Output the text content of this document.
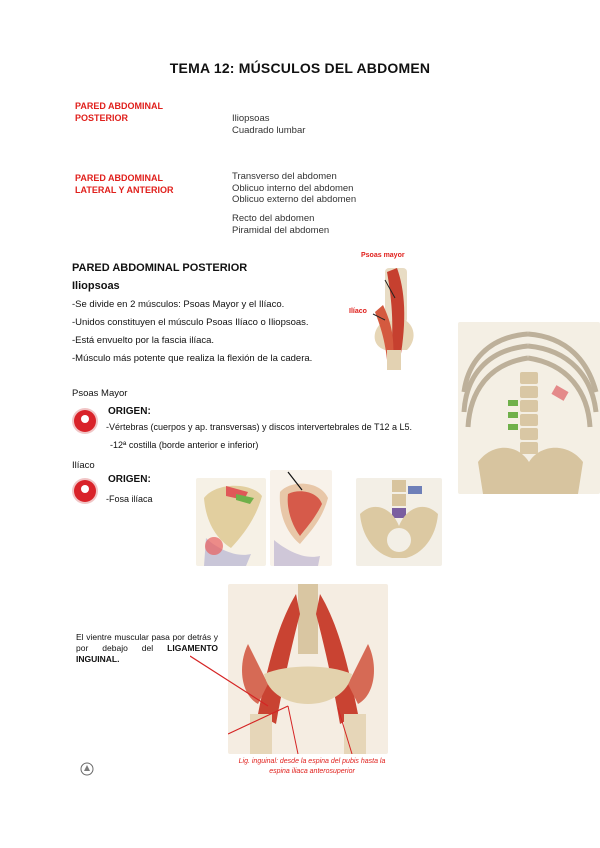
TEMA 12: MÚSCULOS DEL ABDOMEN
PARED ABDOMINAL
POSTERIOR	Iliopsoas
Cuadrado lumbar
PARED ABDOMINAL
LATERAL Y ANTERIOR
Transverso del abdomen
Oblicuo interno del abdomen
Oblicuo externo del abdomen
Recto del abdomen
Piramidal del abdomen
PARED ABDOMINAL POSTERIOR
Iliopsoas
-Se divide en 2 músculos: Psoas Mayor y el Ilíaco.
-Unidos constituyen el músculo Psoas Ilíaco o Iliopsoas.
-Está envuelto por la fascia ilíaca.
-Músculo más potente que realiza la flexión de la cadera.
Psoas mayor
Ilíaco
Psoas Mayor
ORIGEN:
-Vértebras (cuerpos y ap. transversas) y discos intervertebrales de T12 a L5.
-12ª costilla (borde anterior e inferior)
Ilíaco
ORIGEN:
-Fosa ilíaca
El vientre muscular pasa por detrás y por debajo del LIGAMENTO INGUINAL.
Lig. inguinal: desde la espina del pubis hasta la
espina iliaca anterosuperior
